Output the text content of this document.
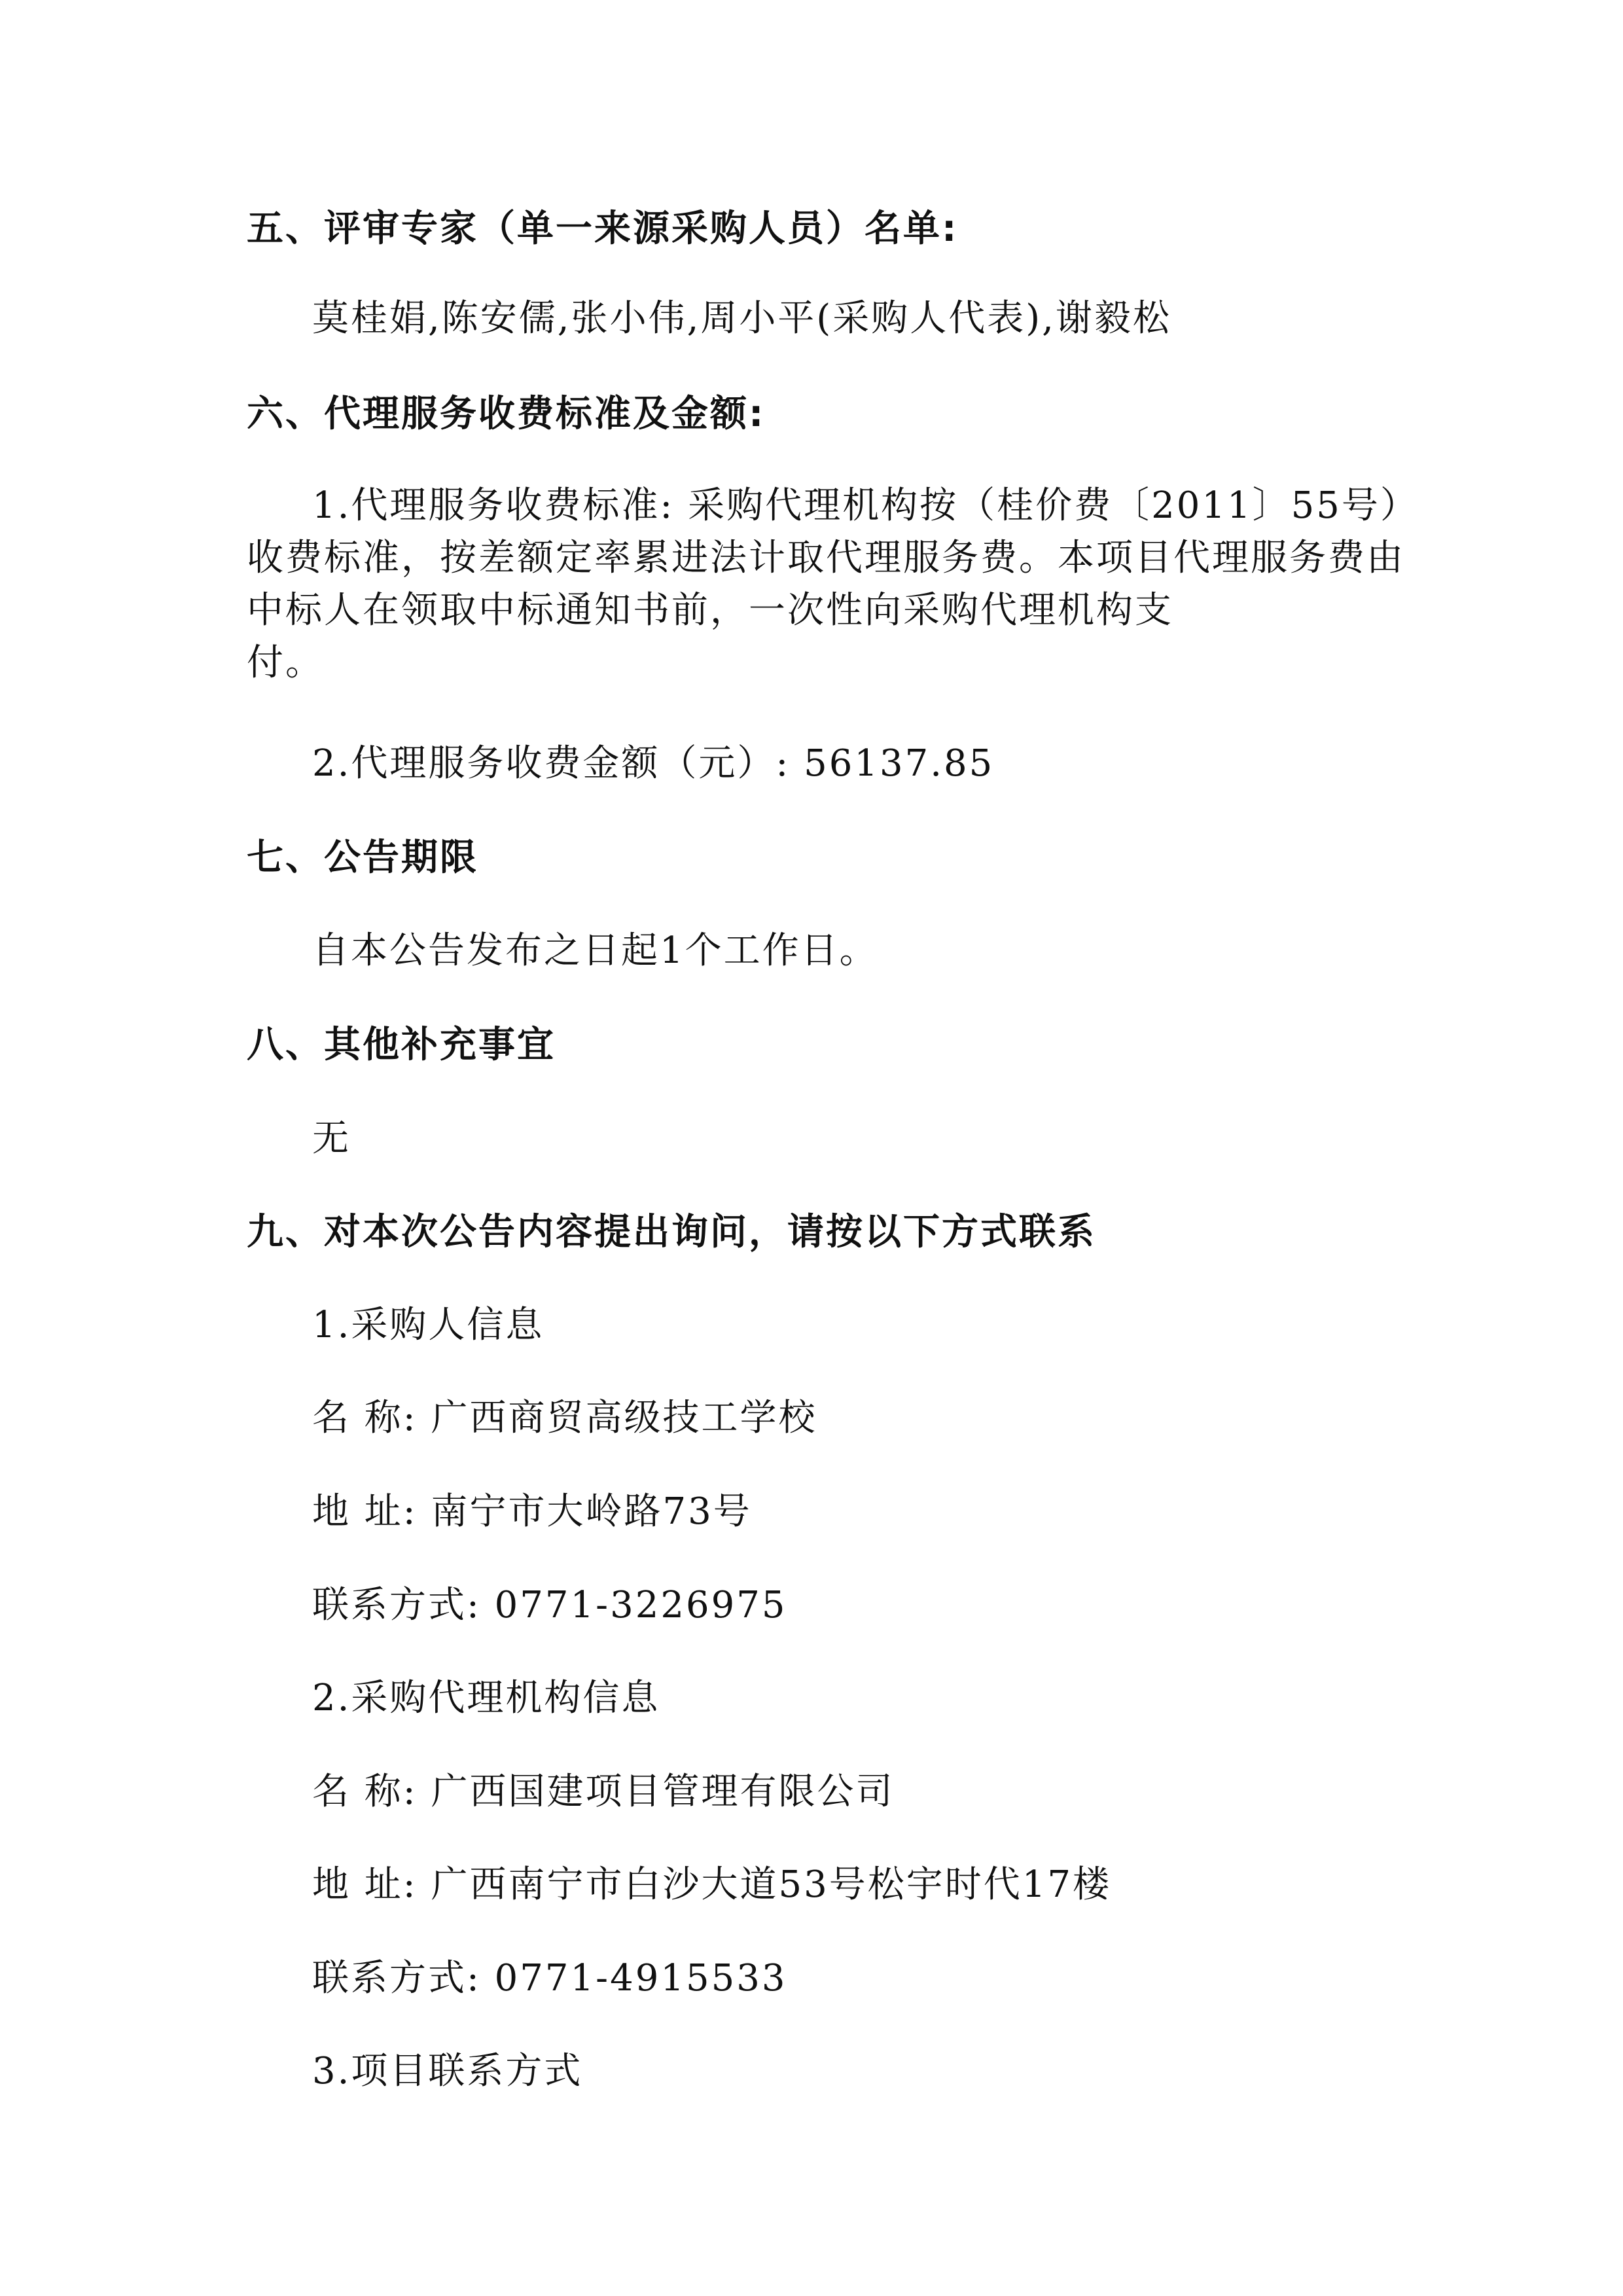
五、评审专家（单一来源采购人员）名单:
莫桂娟,陈安儒,张小伟,周小平(采购人代表),谢毅松
六、代理服务收费标准及金额:
1.代理服务收费标准: 采购代理机构按（桂价费〔2011〕55号）
收费标准，按差额定率累进法计取代理服务费。本项目代理服务费由
中标人在领取中标通知书前，一次性向采购代理机构支
付。
2.代理服务收费金额（元）: 56137.85
七、公告期限
自本公告发布之日起1个工作日。
八、其他补充事宜
无
九、对本次公告内容提出询问，请按以下方式联系
1.采购人信息
名 称: 广西商贸高级技工学校
地 址: 南宁市大岭路73号
联系方式: 0771-3226975
2.采购代理机构信息
名 称: 广西国建项目管理有限公司
地 址: 广西南宁市白沙大道53号松宇时代17楼
联系方式: 0771-4915533
3.项目联系方式
